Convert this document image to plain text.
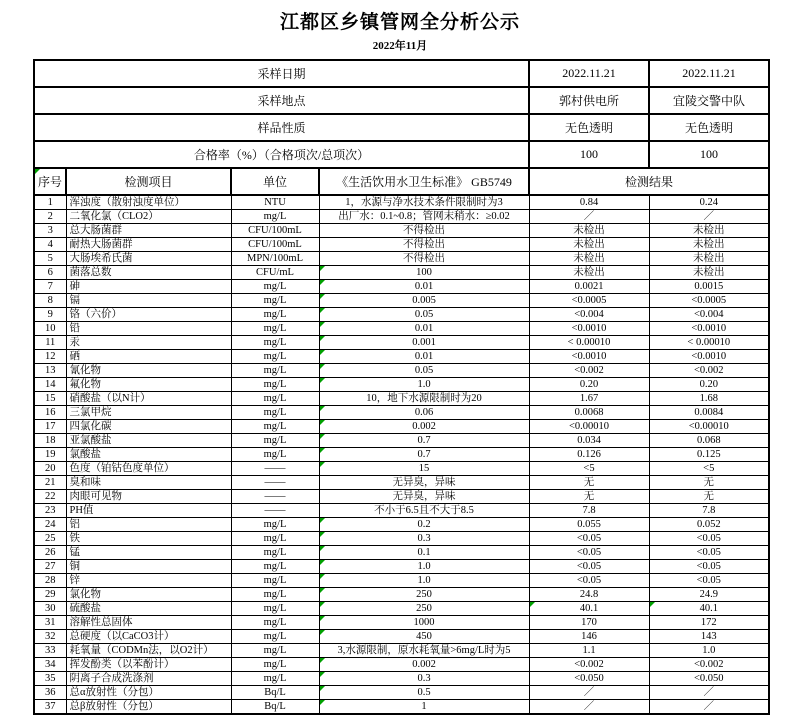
江都区乡镇管网全分析公示
2022年11月
采样日期				2022.11.21	2022.11.21
采样地点				郭村供电所	宜陵交警中队
样品性质				无色透明	无色透明
合格率（%）（合格项次/总项次）				100	100
序号	检测项目	单位	《生活饮用水卫生标准》 GB5749	检测结果	
1	浑浊度（散射浊度单位）	NTU	1，水源与净水技术条件限制时为3	0.84	0.24
2	二氧化氯（CLO2）	mg/L	出厂水：0.1~0.8；管网末稍水：≥0.02	／	／
3	总大肠菌群	CFU/100mL	不得检出	未检出	未检出
4	耐热大肠菌群	CFU/100mL	不得检出	未检出	未检出
5	大肠埃希氏菌	MPN/100mL	不得检出	未检出	未检出
6	菌落总数	CFU/mL	100	未检出	未检出
7	砷	mg/L	0.01	0.0021	0.0015
8	镉	mg/L	0.005	<0.0005	<0.0005
9	铬（六价）	mg/L	0.05	<0.004	<0.004
10	铅	mg/L	0.01	<0.0010	<0.0010
11	汞	mg/L	0.001	< 0.00010	< 0.00010
12	硒	mg/L	0.01	<0.0010	<0.0010
13	氰化物	mg/L	0.05	<0.002	<0.002
14	氟化物	mg/L	1.0	0.20	0.20
15	硝酸盐（以N计）	mg/L	10，地下水源限制时为20	1.67	1.68
16	三氯甲烷	mg/L	0.06	0.0068	0.0084
17	四氯化碳	mg/L	0.002	<0.00010	<0.00010
18	亚氯酸盐	mg/L	0.7	0.034	0.068
19	氯酸盐	mg/L	0.7	0.126	0.125
20	色度（铂钴色度单位）	——	15	<5	<5
21	臭和味	——	无异臭，异味	无	无
22	肉眼可见物	——	无异臭，异味	无	无
23	PH值	——	不小于6.5且不大于8.5	7.8	7.8
24	铝	mg/L	0.2	0.055	0.052
25	铁	mg/L	0.3	<0.05	<0.05
26	锰	mg/L	0.1	<0.05	<0.05
27	铜	mg/L	1.0	<0.05	<0.05
28	锌	mg/L	1.0	<0.05	<0.05
29	氯化物	mg/L	250	24.8	24.9
30	硫酸盐	mg/L	250	40.1	40.1
31	溶解性总固体	mg/L	1000	170	172
32	总硬度（以CaCO3计）	mg/L	450	146	143
33	耗氧量（CODMn法，以O2计）	mg/L	3,水源限制，原水耗氧量>6mg/L时为5	1.1	1.0
34	挥发酚类（以苯酚计）	mg/L	0.002	<0.002	<0.002
35	阴离子合成洗涤剂	mg/L	0.3	<0.050	<0.050
36	总α放射性（分包）	Bq/L	0.5	／	／
37	总β放射性（分包）	Bq/L	1	／	／
